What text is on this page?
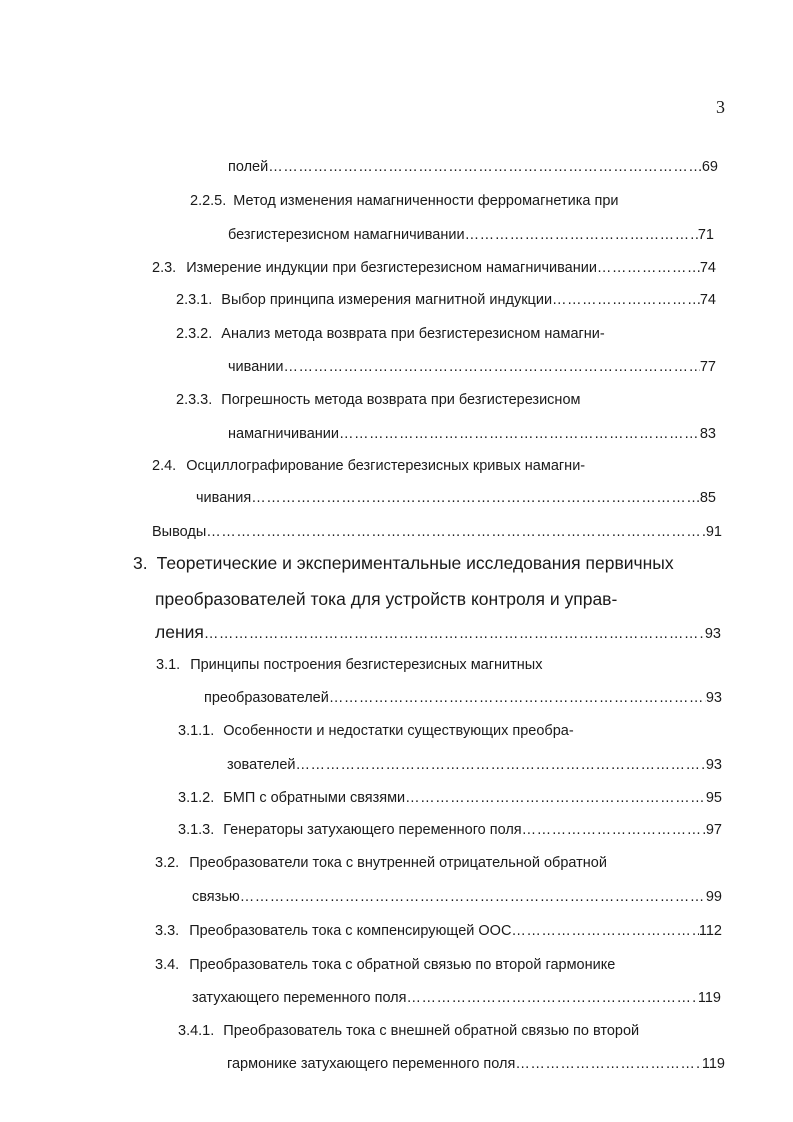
3
полей ……………………………………………………………………………………………………………………………………………………………………………………	69
2.2.5. Метод изменения намагниченности ферромагнетика при
безгистерезисном намагничивании ……………………………………………………………………………………………………………………………………………………………………………………	71
2.3. Измерение индукции при безгистерезисном намагничивании ……………………………………………………………………………………………………………………………………………………………………………………	74
2.3.1. Выбор принципа измерения магнитной индукции ……………………………………………………………………………………………………………………………………………………………………………………	74
2.3.2. Анализ метода возврата при безгистерезисном намагни-
чивании ……………………………………………………………………………………………………………………………………………………………………………………	77
2.3.3. Погрешность метода возврата при безгистерезисном
намагничивании ……………………………………………………………………………………………………………………………………………………………………………………	83
2.4. Осциллографирование безгистерезисных кривых намагни-
чивания ……………………………………………………………………………………………………………………………………………………………………………………	85
Выводы ……………………………………………………………………………………………………………………………………………………………………………………	91
3. Теоретические и экспериментальные исследования первичных
преобразователей тока для устройств контроля и управ-
ления ……………………………………………………………………………………………………………………………………………………………………………………	93
3.1. Принципы построения безгистерезисных магнитных
преобразователей ……………………………………………………………………………………………………………………………………………………………………………………	93
3.1.1. Особенности и недостатки существующих преобра-
зователей ……………………………………………………………………………………………………………………………………………………………………………………	93
3.1.2. БМП с обратными связями ……………………………………………………………………………………………………………………………………………………………………………………	95
3.1.3. Генераторы затухающего переменного поля ……………………………………………………………………………………………………………………………………………………………………………………	97
3.2. Преобразователи тока с внутренней отрицательной обратной
связью ……………………………………………………………………………………………………………………………………………………………………………………	99
3.3. Преобразователь тока с компенсирующей ООС ……………………………………………………………………………………………………………………………………………………………………………………	112
3.4. Преобразователь тока с обратной связью по второй гармонике
затухающего переменного поля ……………………………………………………………………………………………………………………………………………………………………………………	119
3.4.1. Преобразователь тока с внешней обратной связью по второй
гармонике затухающего переменного поля ……………………………………………………………………………………………………………………………………………………………………………………	119
